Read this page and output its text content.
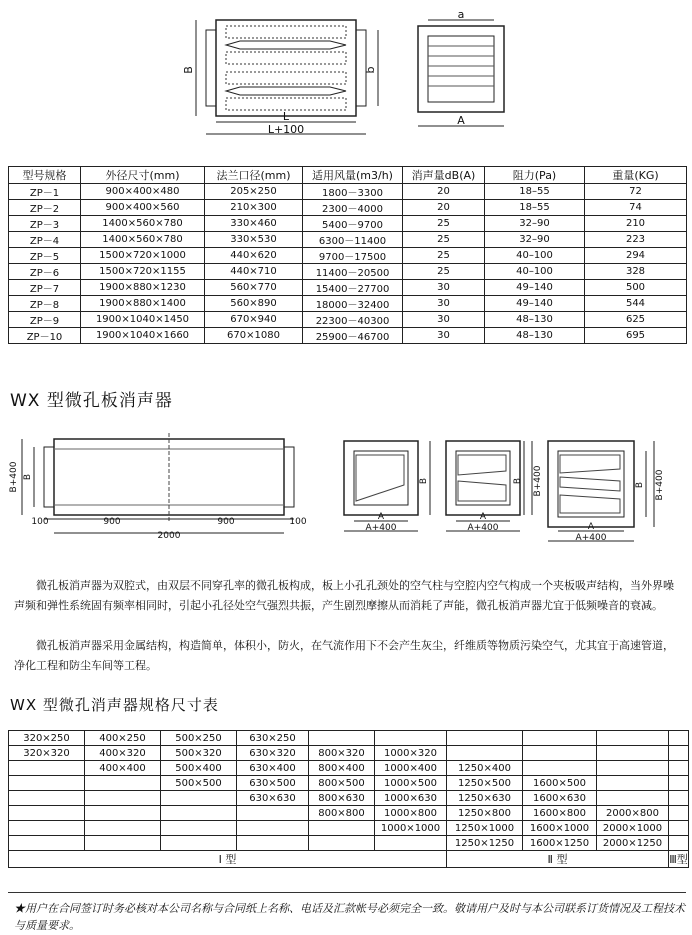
B	b
L
L+100
a
A
型号规格	外径尺寸(mm)	法兰口径(mm)	适用风量(m3/h)	消声量dB(A)	阻力(Pa)	重量(KG)
ZP－1	900×400×480	205×250	1800－3300	20	18–55	72
ZP－2	900×400×560	210×300	2300－4000	20	18–55	74
ZP－3	1400×560×780	330×460	5400－9700	25	32–90	210
ZP－4	1400×560×780	330×530	6300－11400	25	32–90	223
ZP－5	1500×720×1000	440×620	9700－17500	25	40–100	294
ZP－6	1500×720×1155	440×710	11400－20500	25	40–100	328
ZP－7	1900×880×1230	560×770	15400－27700	30	49–140	500
ZP－8	1900×880×1400	560×890	18000－32400	30	49–140	544
ZP－9	1900×1040×1450	670×940	22300－40300	30	48–130	625
ZP－10	1900×1040×1660	670×1080	25900－46700	30	48–130	695
WX 型微孔板消声器
B+400 B
100	900	900	100
2000
B
A
A+400
B B+400
A
A+400
B B+400
A
A+400
微孔板消声器为双腔式，由双层不同穿孔率的微孔板构成，板上小孔孔颈处的空气柱与空腔内空气构成一个夹板吸声结构，当外界噪声频和弹性系统固有频率相同时，引起小孔径处空气强烈共振，产生剧烈摩擦从而消耗了声能，微孔板消声器尤宜于低频噪音的衰减。
微孔板消声器采用金属结构，构造简单，体积小，防火，在气流作用下不会产生灰尘，纤维质等物质污染空气，尤其宜于高速管道，净化工程和防尘车间等工程。
WX 型微孔消声器规格尺寸表
320×250	400×250	500×250	630×250						
320×320	400×320	500×320	630×320	800×320	1000×320				
	400×400	500×400	630×400	800×400	1000×400	1250×400			
		500×500	630×500	800×500	1000×500	1250×500	1600×500		
			630×630	800×630	1000×630	1250×630	1600×630		
				800×800	1000×800	1250×800	1600×800	2000×800	
					1000×1000	1250×1000	1600×1000	2000×1000	
						1250×1250	1600×1250	2000×1250	
Ⅰ 型						Ⅱ 型			Ⅲ型
★用户在合同签订时务必核对本公司名称与合同纸上名称、电话及汇款帐号必须完全一致。敬请用户及时与本公司联系订货情况及工程技术与质量要求。
